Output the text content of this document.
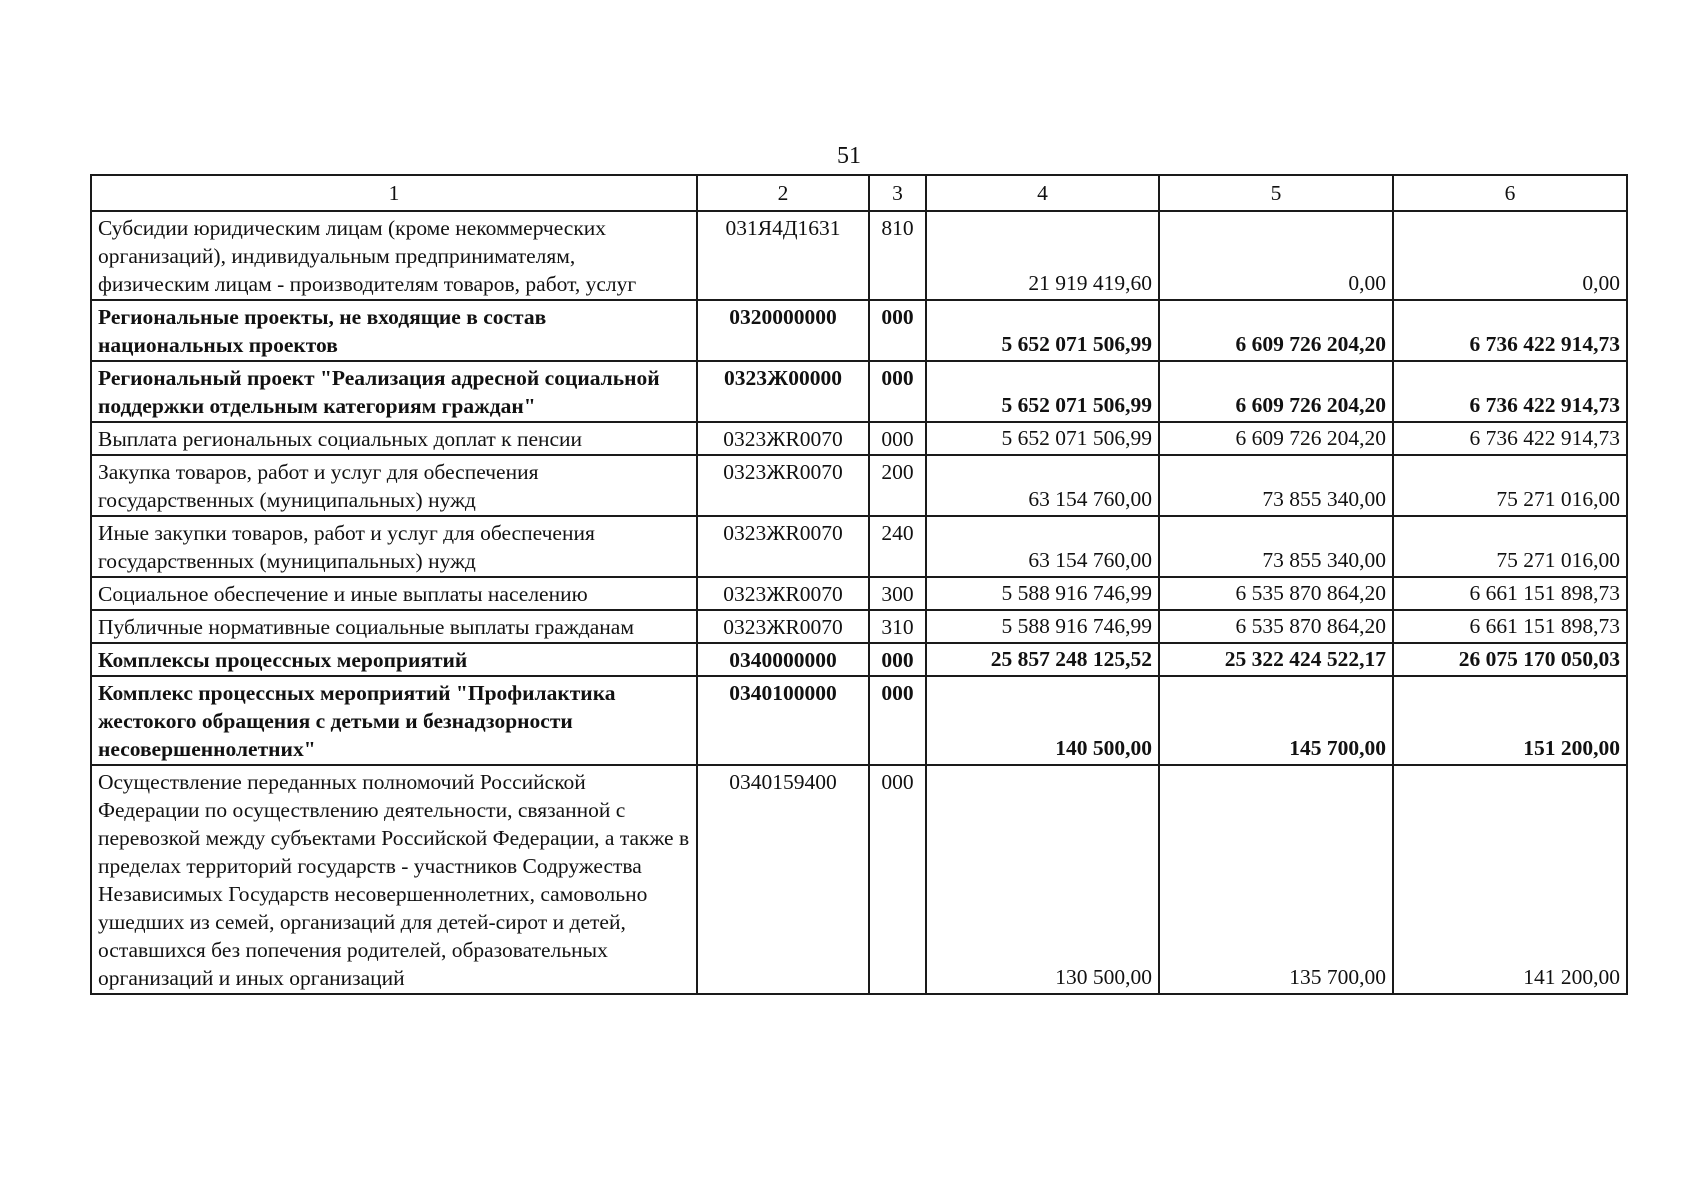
51
1	2	3	4	5	6
Субсидии юридическим лицам (кроме некоммерческих организаций), индивидуальным предпринимателям, физическим лицам - производителям товаров, работ, услуг	031Я4Д1631	810	21 919 419,60	0,00	0,00
Региональные проекты, не входящие в состав национальных проектов	0320000000	000	5 652 071 506,99	6 609 726 204,20	6 736 422 914,73
Региональный проект "Реализация адресной социальной поддержки отдельным категориям граждан"	0323Ж00000	000	5 652 071 506,99	6 609 726 204,20	6 736 422 914,73
Выплата региональных социальных доплат к пенсии	0323ЖR0070	000	5 652 071 506,99	6 609 726 204,20	6 736 422 914,73
Закупка товаров, работ и услуг для обеспечения государственных (муниципальных) нужд	0323ЖR0070	200	63 154 760,00	73 855 340,00	75 271 016,00
Иные закупки товаров, работ и услуг для обеспечения государственных (муниципальных) нужд	0323ЖR0070	240	63 154 760,00	73 855 340,00	75 271 016,00
Социальное обеспечение и иные выплаты населению	0323ЖR0070	300	5 588 916 746,99	6 535 870 864,20	6 661 151 898,73
Публичные нормативные социальные выплаты гражданам	0323ЖR0070	310	5 588 916 746,99	6 535 870 864,20	6 661 151 898,73
Комплексы процессных мероприятий	0340000000	000	25 857 248 125,52	25 322 424 522,17	26 075 170 050,03
Комплекс процессных мероприятий "Профилактика жестокого обращения с детьми и безнадзорности несовершеннолетних"	0340100000	000	140 500,00	145 700,00	151 200,00
Осуществление переданных полномочий Российской Федерации по осуществлению деятельности, связанной с перевозкой между субъектами Российской Федерации, а также в пределах территорий государств - участников Содружества Независимых Государств несовершеннолетних, самовольно ушедших из семей, организаций для детей-сирот и детей, оставшихся без попечения родителей, образовательных организаций и иных организаций	0340159400	000	130 500,00	135 700,00	141 200,00
